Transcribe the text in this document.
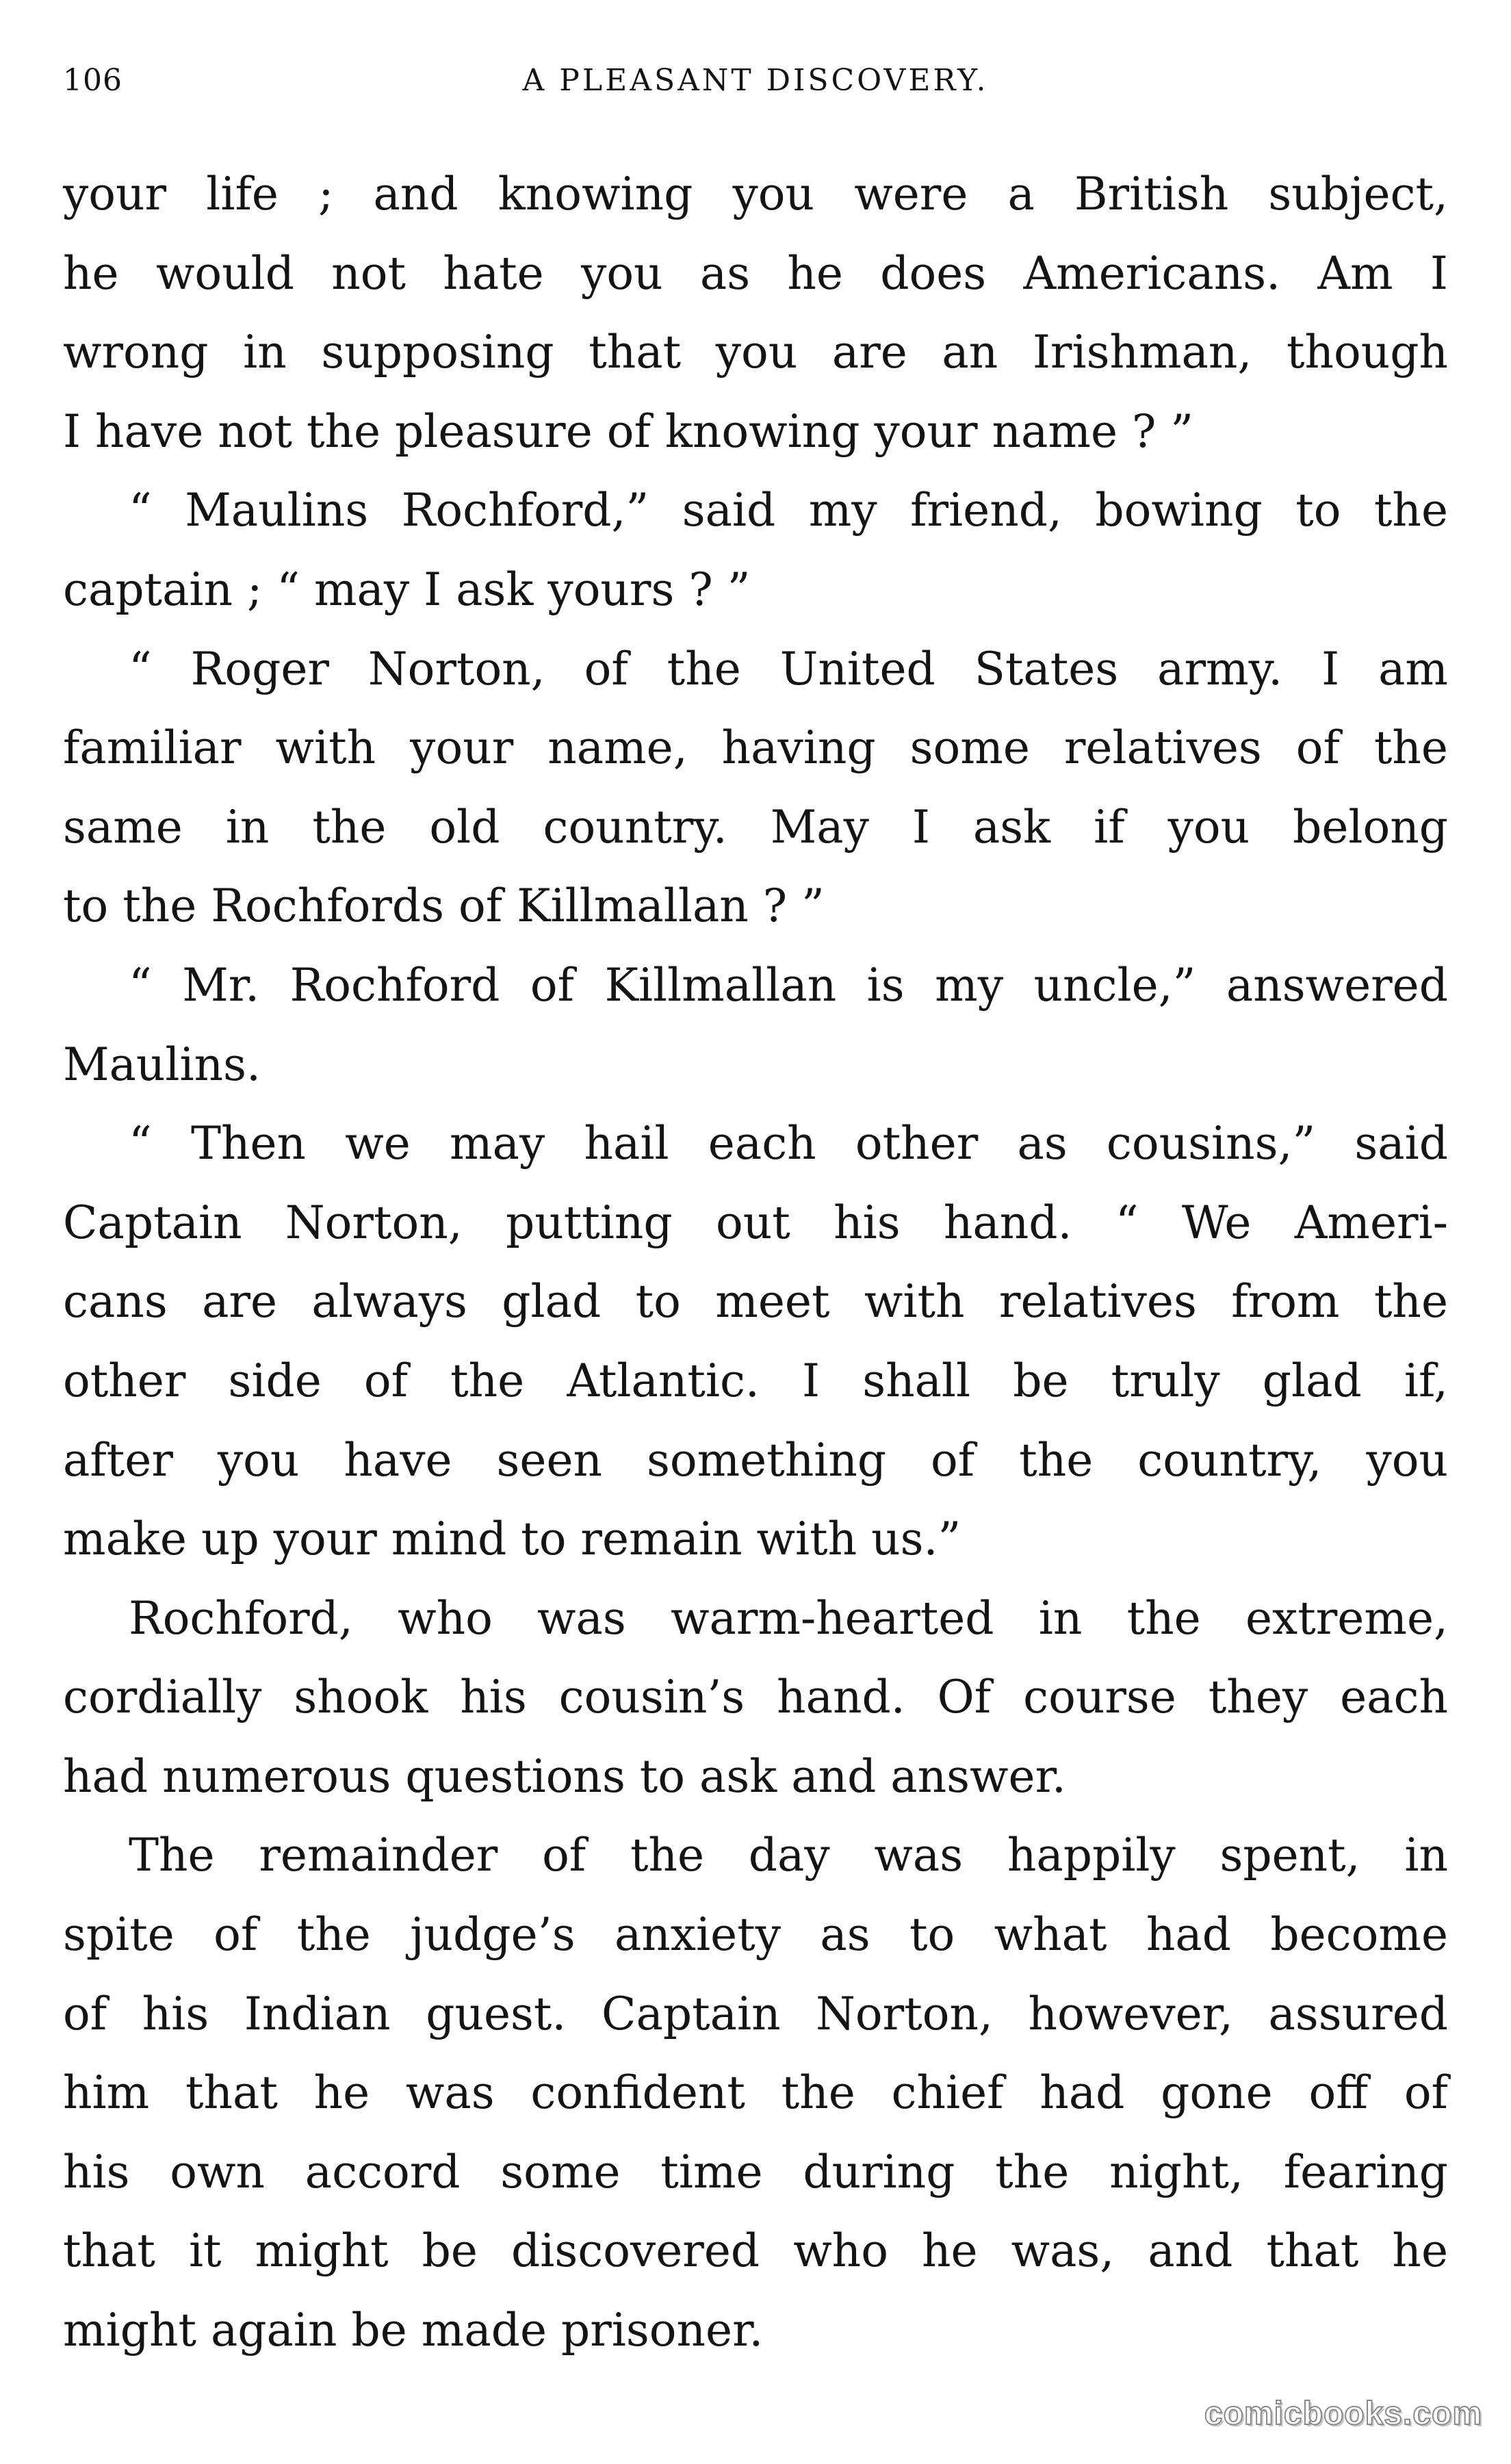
106	A PLEASANT DISCOVERY.
your life ; and knowing you were a British subject,
he would not hate you as he does Americans. Am I
wrong in supposing that you are an Irishman, though
I have not the pleasure of knowing your name ? ”
“ Maulins Rochford,” said my friend, bowing to the
captain ; “ may I ask yours ? ”
“ Roger Norton, of the United States army. I am
familiar with your name, having some relatives of the
same in the old country. May I ask if you belong
to the Rochfords of Killmallan ? ”
“ Mr. Rochford of Killmallan is my uncle,” answered
Maulins.
“ Then we may hail each other as cousins,” said
Captain Norton, putting out his hand. “ We Ameri-
cans are always glad to meet with relatives from the
other side of the Atlantic. I shall be truly glad if,
after you have seen something of the country, you
make up your mind to remain with us.”
Rochford, who was warm-hearted in the extreme,
cordially shook his cousin’s hand. Of course they each
had numerous questions to ask and answer.
The remainder of the day was happily spent, in
spite of the judge’s anxiety as to what had become
of his Indian guest. Captain Norton, however, assured
him that he was confident the chief had gone off of
his own accord some time during the night, fearing
that it might be discovered who he was, and that he
might again be made prisoner.
comicbooks.com
